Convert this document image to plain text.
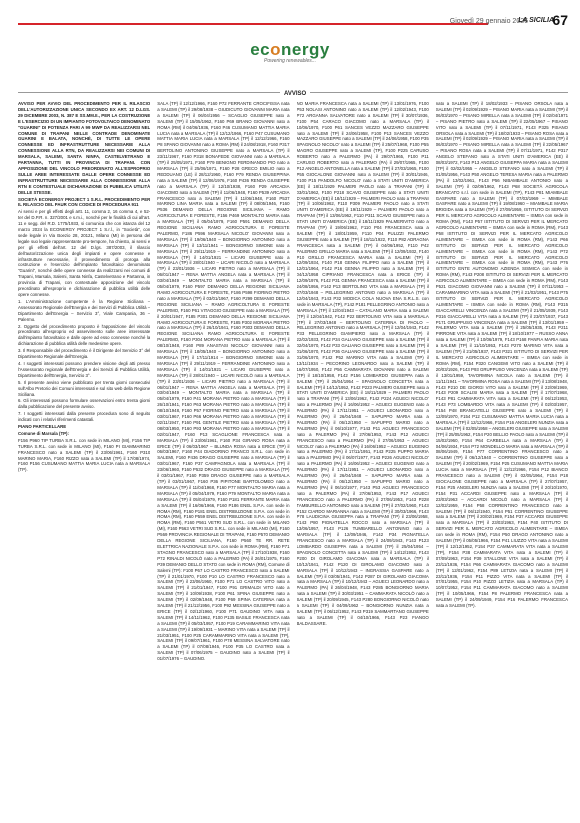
Giovedì 29 gennaio 2026
LA SICILIA
67
econergy
Powering renewables...
AVVISO

AVVISO PER AVVIO DEL PROCEDIMENTO PER IL RILASCIO DELL'AUTORIZZAZIONE UNICA SECONDO EX ART. 12 D.LGS. 29 DICEMBRE 2003, N. 387 E SS.MM.II., PER LA COSTRUZIONE E L'ESERCIZIO DI UN IMPIANTO FOTOVOLTAICO DENOMINATO "GUARINI" DI POTENZA PARI A 99 MWP DA REALIZZARSI NEL COMUNE DI TRAPANI NELLE CONTRADE DENOMINATE GUARINI E BALATA, NONCHÉ, DI TUTTE LE OPERE CONNESSE ED INFRASTRUTTURE NECESSARIE ALLA CONNESSIONE ALLA RTN, DA REALIZZARSI NEI COMUNI DI MARSALA, SALEMI, SANTA NINFA, CASTELVETRANO E PARTANNA, TUTTI IN PROVINCIA DI TRAPANI. CON APPOSIZIONE DEL VINCOLO PREORDINATO ALL'ESPROPRIO SULLE AREE INTERESSATE DALLE OPERE CONNESSE ED INFRASTRUTTURE NECESSARIE ALLA CONNESSIONE ALLA RTN E CONTESTUALE DICHIARAZIONE DI PUBBLICA UTILITÀ DELLE STESSE.

SOCIETÀ ECONERGY PROJECT 1 S.R.L. PROCEDIMENTO PER IL RILASCIO DEL PAUR CON CODICE DI PROCEDURA 911

Ai sensi e per gli effetti degli artt. 11, comma 2, 16 comma 4, e 52-ter del D.P.R. n. 327/2001 e s.m.i., nonché per le finalità di cui all'art. 11 e segg. del R.D. 1775/1933, si comunica che con istanza del 12 marzo 2024 la ECONERGY PROJECT 1 S.r.l., in "Società", con sede legale in Via Boezio 28, 20121, Milano (MI) in persona del legale suo legale rappresentante pro-tempore, ha chiesto, ai sensi e per gli effetti dell'art. 12 del D.lgs. 387/2003, il rilascio dell'autorizzazione unica degli impianti e opere connesse e infrastrutture necessarie, il provvedimento di proroga alla costruzione e l'esercizio dell'impianto fotovoltaico denominato "Guarini", nonché delle opere connesse da realizzarsi nei comuni di Trapani, Marsala, Salemi, Santa Ninfa, Castelvetrano e Partanna, in provincia di Trapani, con contestuale apposizione del vincolo preordinato all'esproprio e dichiarazione di pubblica utilità delle opere connesse.

1. L'Amministrazione competente è la Regione Siciliana – Assessorato Regionale dell'Energia e dei Servizi di Pubblica Utilità – Dipartimento dell'Energia – Servizio 3°, Viale Campania, 36 – Palermo.

2. Oggetto del procedimento proposto è l'apposizione del vincolo preordinato all'esproprio ed asservimento sulle aree interessate dall'impianto fotovoltaico e dalle opere ad esso connesse nonché la dichiarazione di pubblica utilità delle medesime opere.

3. Il Responsabile del procedimento è il Dirigente del Servizio 3° del Dipartimento Regionale dell'Energia.

4. I soggetti interessati possono prendere visione degli atti presso l'Assessorato regionale dell'Energia e dei Servizi di Pubblica Utilità, Dipartimento dell'Energia, Servizio 3°.

5. Il presente avviso viene pubblicato per trenta giorni consecutivi sull'Albo Pretorio dei Comuni interessati e sul sito web della Regione Siciliana.

6. Gli interessati possono formulare osservazioni entro trenta giorni dalla pubblicazione del presente avviso.

7. I soggetti interessati dalla presente procedura sono di seguito indicati con i relativi riferimenti catastali.

PIANO PARTICELLARE

Comune di Marsala (TP):

F156 P960 TIP TURBA S.R.L. con sede in MILANO (MI), F156 TIP TURBA S.R.L. con sede in MILANO (MI), F160 PI GIAMMARINO FRANCESCO nato a SALEMI (TP) il 23/06/1961, F160 P310 MARINO MARIA, F160 RIZZO nata a SALEMI (TP) il 17/08/1974, F160 P156 CUSUMANO MATTIA MARIA LUCIA nata a MARSALA (TP).

SALA (TP) il 12/12/1966, F160 P72 FERRANTE CROCIFISSA nata a SALEMI (TP) il 29/08/1938 – GIUDICUTO GIOVANNI MARIA nata a SALEMI (TP) il 06/04/1956 – SCAGLIO GIUSEPPE nato a SALEMI (TP) il 15/05/1962, F160 P69 BRANO GIOVANNI nato a ROMA (RM) il 04/06/1936, F160 P46 CUSUMANO MATTIA MARIA LUCIA nata a MARSALA (TP) il 12/12/1966, F160 P47 CUSUMANO MATTIA MARIA LUCIA nata a MARSALA (TP) il 12/12/1966, F160 P8 SPANO GIOVANNI nato a ROMA (RM) il 24/08/1918, F160 P317 BERTOLINO ANTONINO GIUSEPPE nato a MARSALA (TP) il 23/11/1967, F160 P318 BONAFEDE GIOVANNI nato a MARSALA (TP) il 25/05/1971, F160 P79 BENIGNO FERDINANDO PIO nato a MARSALA (TP) il 25/06/1971, F160 P28 GRECO EMILIO nato a REDDUANO (LE) il 28/12/1960, F160 P79 RENDA GIUSEPPINA nata a SALEMI (TP) il 12/06/1976, F160 P436 RENDA GIUSEPPE nato a MARSALA (TP) il 12/10/1938, F160 P29 ARCADIA GIACOMO nato a SALEMI (TP) il 11/06/1948, F160 P539 ARCADIA FRANCESCO nato a SALEMI (TP) il 11/06/1948, F160 P537 MARINO LINA MARIA nata a SALEMI (TP) il 08/05/1946, F160 P536 DEMANIO DELLA REGIONE SICILIANA – RAMO AGRICOLTURA E FORESTE, F156 P469 MONTALTO MARIA nata a MARSALA (TP) il 05/04/1979, F160 P591 DEMANIO DELLA REGIONE SICILIANA RAMO AGRICOLTURA E FORESTE PALERMO, F186 P596 MARSALA NICOLO' GIOVANNI nato a MARSALA (TP) il 19/06/1940 – BONGIORNO ANTONINO nato a MARSALA (TP) il 13/11/1941 – BONGIORNO SIMONE nato a MARSALA (TP) il 29/11/1919 – FERRANDINE ANTONINO nato a MARSALA (TP) il 14/01/1921 – LICARI GIUSEPPE nato a MARSALA (TP) il 28/01/1940 – LICARI NICOLÒ nato a MARSALA (TP) il 23/01/1936 – LICARI PIETRO nato a MARSALA (TP) il 06/01/1947 – RENA MATTIA ANGELA nata a MARSALA (TP) il 03/04/1949 – MONTALTO MARIA nata a MARSALA (TP) il 05/04/1979, F160 P597 DEMANIO DELLA REGIONE SICILIANA RAMO AGRICOLTURA E FORESTE, F186 P598 FIORINO PIETRO nato a MARSALA (TP) il 03/01/1967, F160 P299 DEMANIO DELLA REGIONE SICILIANA – RAMO AGRICOLTURA E FORESTE PALERMO, F160 P61 VITAGGIO GIUSEPPE nato a MARSALA (TP) il 20/01/1947, F185 P301 DEMANIO DELLA REGIONE SICILIANA RAMO AGRICOLTURA E FORESTE, F185 P302 MORANA PIETRO nato a MARSALA (TP) il 26/10/1941, F160 P303 DEMANIO DELLA REGIONE SICILIANA RAMO AGRICOLTURA E FORESTE PALERMO, F160 P304 MORANA PIETRO nato a MARSALA (TP) il 08/10/1948, F160 P89 ANASTASI NICOLO' GIOVANNI nato a MARSALA (TP) il 18/05/1940 – BONGIORNO ANTONINO nato a MARSALA (TP) il 17/11/1914 – BONGIORNO SIMONE nato a MARSALA (TP) il 29/11/1919 – FERRANDINE ANTONINO nato a MARSALA (TP) il 14/01/1921 – LICARI GIUSEPPE nato a MARSALA (TP) il 28/01/1940 – LICARI NICOLÒ nato a MARSALA (TP) il 23/01/1936 – LICARI PIETRO nato a MARSALA (TP) il 06/01/1947 – RENA MATTIA ANGELA nata a MARSALA (TP) il 03/04/1949 – MONTALTO MARIA nata a MARSALA (TP) il 05/04/1979, F160 P41 MORANA PIETRO nato a MARSALA (TP) il 26/10/1941, F160 P63 MORANA PIETRO nato a MARSALA (TP) il 08/10/1948, F160 P57 FIORINO PIETRO nato a MARSALA (TP) il 03/01/1967, F160 P66 MORANA PIETRO nato a MARSALA (TP) il 02/11/1947, F160 P91 GENTILE PIETRO nato a MARSALA (TP) il 08/03/1950, F160 P93 MORANA PIETRO nato a MARSALA (TP) il 02/01/1947, F160 P13 SCAGLIONE FRANCESCA nata a MARSALA (TP) il 23/06/1961, F160 P34 GIRANO ROSA nata a ERICE (TP) il 06/03/1967 – BLUNDA ROSA nata a ERICE (TP) il 06/03/1967, F160 P44 DIADORINO FRANCO S.R.L. con sede in SALEMI, F160 P436 DRAGO GIUSEPPE nato a MARSALA (TP) il 03/01/1967, F160 P37 CAMPAGNOLA nata a MARSALA (TP) il 23/06/1960, F160 P532 DRAGO GIUSEPPE nato a MARSALA (TP) il 03/01/1967, F160 P359 DRAGO GIUSEPPE nato a MARSALA (TP) il 03/01/1967, F160 P36 PIPITONE BARTOLOMEO nato a MARSALA (TP) il 11/04/1968, F160 P77 MONTALTO MARIA nata a MARSALA (TP) il 05/04/1979, F160 P79 MONTALTO MARIA nata a MARSALA (TP) il 05/04/1979, F160 P181 FERRANTE MARIA nata a SALEMI (TP) il 16/06/1966, F160 P186 ENEL S.P.A. con sede in ROMA (RM), F160 P181 ENEL DISTRIBUZIONE S.P.A. con sede in ROMA (RM), F160 P559 ENEL DISTRIBUZIONE S.P.A. con sede in ROMA (RM), F160 P561 VETRI SUD S.R.L. con sede in MILANO (MI), F160 P563 VETRI SUD S.R.L. con sede in MILANO (MI), F160 P569 PROVINCIA REGIONALE DI TRAPANI, F160 P570 DEMANIO DELLA REGIONE SICILIANA, F160 P560 TE RR. RETE ELETTRICA NAZIONALE S.P.A. con sede in ROMA (RM), F160 P71 STAGNO FRANCESCO nato a MARSALA (TP) il 17/10/1938, F160 P72 RINALDI NICOLÒ nato a PALERMO (PA) il 26/01/1975, F160 P39 DEMANIO DELLO STATO con sede in ROMA (RM), Comune di Salemi (TP): F100 P67 LO CASTRO FRANCESCO nato a SALEMI (TP) il 21/01/1970, F100 P10 LO CASTRO FRANCESCO nato a SALEMI (TP) il 23/06/1960, F100 P71 LO CASTRO VITO nato a SALEMI (TP) il 21/01/1947, F100 P91 GRIMALDI VITO nato a SALEMI (TP) il 10/09/1938, F100 P61 SPINA GIUSEPPE nato a SALEMI (TP) il 02/09/1948, F100 P69 SPINA CATERINA nata a SALEMI (TP) il 21/12/1956, F100 P92 MESSINA GIUSEPPE nato a ERICE (TP) il 02/12/1960, F100 P71 GAUDINO VITA nata a SALEMI (TP) il 14/11/1962, F100 P135 BASILE FRANCESCA nata a SALEMI (TP) il 05/03/1957, F100 P19 CARAMMARINO VITA nata a SALEMI (TP) il 19/09/1931 – MARINO VITA nata a SALEMI (TP) il 21/03/1951, F100 P25 CARAMMARINO VITA nata a SALEMI (TP), SALEMI (TP) il 09/07/1961, F100 P78 MESSINA SALVATORE nato a SALEMI (TP) il 07/08/1946, F100 P35 LO CASTRO nata a SALEMI (TP) il 07/06/1975 – GAUDINO nato a SALEMI (TP) il 01/07/1976 – GAUDINO.

NO MARIA FRANCESCA nata a SALEMI (TP) il 13/01/1976, F100 P53 NOLASI ANTONINO nato a SALEMI (TP) il 12/02/1943, F100 P72 ARGANNA SALVATORE nato a SALEMI (TP) il 30/07/1936, F100 P54 CARACO GIACOMO nato a MARSALA (TP) il 10/06/1970, F100 P61 SANCES VEZZO MAZZARO GIUSEPPE nato a SALEMI (TP) il 24/06/1958, F100 P13 SANCES VEZZO MAZZARO GIUSEPPE nato a SALEMI (TP) il 24/06/1958, F100 P35 SPAGNOLO NICOLO' nato a SALEMI (TP) il 25/07/1968, F100 P55 MAGRO GIUSEPPE nato a SALEMI (TP), F100 P225 CARUSO ROBERTO nato a PALERMO (PA) il 29/07/1965, F100 P11 CARUSO ROBERTO nato a PALERMO (PA) il 29/07/1965, F100 P12 ANGELO ANTONELLA nata a SALEMI (TP) il 27/03/1965, F100 P55 GIOCALONE GIOVANNI nato a SALEMI (TP) il 30/01/1946, F100 P15 PANDOLFO NICOLO' nato a STATI UNITI D'AMERICA (EE) il 18/11/1929 PALMERI PAOLO nato a TRAPANI (TP) il 03/01/1962, F100 P218 SCAVO GIUSEPPE nato a STATI UNITI D'AMERICA (EE) il 18/11/1929 – PALMERI PAOLO nato a TRAPANI (TP) il 10/06/1962, F110 P309 PALMERI PAOLO nato a STATI UNITI D'AMERICA (EE) il 19/11/1929 – PALMERI PAOLO nato a TRAPANI (TP) il 13/06/1962, F110 P311 SCAVO GIUSEPPE nato a STATI UNITI D'AMERICA (EE) il 18/11/1929 PALMERIVITO nato a TRAPANI (TP) il 19/06/1962, F110 P04 FRANCESCA nata a SALEMI (TP) il 18/01/1959, F110 P04 PULIZZI PALERMO GIUSEPPE nato a SALEMI (TP) il 18/11/1922, F110 P82 ADRAGNA FRANCESCA nata a SALEMI (TP) il 04/06/1952, F110 P42 PALERMO GRILLO MARIA nata a SALEMI (TP) il 12/09/1932, F140 P10 GRILLO FRANCESCA MARIA nata a SALEMI (TP) il 12/09/1934, F140 P18 GENNA FILIPPO nato a SALEMI (TP) il 12/01/1964, F142 P16 GENNA FILIPPO nato a SALEMI (TP) il 04/12/1958 CIPRIANO FRANCESCA nata a ERICE (TP) il 12/09/1976, F142 P31 GENNA FRANCESCA nata a SALEMI (TP) il 24/08/1956, F142 P13 BERTOLINO VITA nata a MARSALA (TP) il 27/03/1948 – PELLEGRINO ANTONIO nato a MARSALA (TP) il 12/04/1943, F143 P32 MODICA COLA NUOVA ENA S.R.L.S. con sede in MARSALA (TP), F142 P181 PELLEGRINO ANTONIO nato a MARSALA (TP) il 12/04/1943 – CATALANO MARIA nata a SALEMI (TP) il 12/04/1942, F142 P22 BERTOLINO VITA nata a MARSALA (TP) il 27/03/1948 – BERTOLINO CATERINA DI PAOLO – PELLEGRINO ANTONIO nato a MARSALA (TP) il 12/04/1943, F142 P33 PELLEGRINO GIAMPIERO nato a MARSALA (TP) il 22/02/1933, F142 P34 GALIANO GIUSEPPE nato a SALEMI (TP) il 02/04/1970, F142 P33 GALIANO GIUSEPPE nato a SALEMI (TP) il 01/06/1970, F142 P36 GALIANO GIUSEPPE nato a SALEMI (TP) il 01/06/1970, F142 P52 MARINO VITA nata a SALEMI (TP) il 13/11/1934 – PECORINO LEONARDO nato a SALEMI (TP) il 16/07/1950, F142 P56 CAMMARATA GIOVANNI nato a SALEMI (TP) il 18/10/1958, F142 P156 LOMBARDO GIUSEPPA nata a SALEMI (TP) il 25/04/1954 – SPAGNOLO CONCETTA nata a SALEMI (TP) il 14/12/1952, F142 P223 PALMERI GIUSEPPE nato a STATI UNITI D'AMERICA (EE) il 18/11/1929 – PALMERI PAOLO nato a TRAPANI (TP) il 13/06/1962, F142 P224 AGUECI NICOLO' nato a PALERMO (PA) il 16/06/1952 – AGUECI EUGENIO nato a PALERMO (PA) il 17/11/1951 – AGUECI LEONARDO nato a PALERMO (PA) il 26/04/1948 – SAPUPPO MARIA nata a PALERMO (PA) il 06/12/1950 – SAPUPPO MARIO nato a PALERMO (PA) il 06/10/1977, F143 P11 AGUECI FRANCESCO nato a PALERMO (PA) il 27/06/1953, F143 P12 AGUECI FRANCESCO nato a PALERMO (PA) il 27/06/1953 – AGUECI NICOLO' nato a PALERMO (PA) il 16/06/1952 – AGUECI EUGENIO nato a PALERMO (PA) il 17/11/1951, F143 P225 PUPPO MARIA nata a PALERMO (PA) il 06/07/1977, F143 P226 AGUECI NICOLO' nato a PALERMO (PA) il 16/06/1952 – AGUECI EUGENIO nato a PALERMO (PA) il 17/11/1951 – AGUECI LEONARDO nato a PALERMO (PA) il 26/04/1948 – SAPUPPO MARIA nata a PALERMO (PA) il 06/12/1950 – SAPUPPO MARIO nato a PALERMO (PA) il 06/10/1977, F143 P53 AGUECI FRANCESCO nato a PALERMO (PA) il 27/06/1953, F143 P17 AGUECI FRANCESCO nato a PALERMO (PA) il 27/06/1953, F143 P228 TAMBURELLO ANTONINO nato a SALEMI (TP) il 27/02/1960, F143 P152 CIARDO MARIANNA nata a SALEMI (TP) il 30/03/1966, F143 P78 LAUDICINA GIUSEPPA nata a TRAPANI (TP) il 23/06/1958, F143 P80 PIGNATELLA ROCCO nato a MARSALA (TP) il 13/06/1957, F143 P126 TUMBARELLO ANTONINO nato a MARSALA (TP) il 12/09/1946, F142 P34 PIGNATELLA FRANCESCO nato a MARSALA (TP) il 24/09/1943, F143 P123 LOMBARDO GIUSEPPA nata a SALEMI (TP) il 25/04/1954 – SPAGNOLO CONCETTA nata a SALEMI (TP) il 14/12/1952, F143 P200 DI GIROLAMO GIACOMA nata a MARSALA (TP) il 10/12/1941, F142 P120 DI GIROLAMO GIACOMO nato a MARSALA (TP) il 10/12/1943 – INGRASSIA GASPARE nato a SALEMI (TP) il 03/05/1941, F142 P287 DI GIROLAMO GIACOMA nata a MARSALA (TP) il 10/12/1943 – AGUECI LEONARDO nato a PALERMO (PA) il 26/04/1948, F143 P285 BONGIORNO MARIA nata a SALEMI (TP) il 30/03/1951 – CAMMARATA NICOLÒ nato a SALEMI (TP) il 20/09/1945, F143 P280 BONGIORNO NICOLÒ nato a SALEMI (TP) il 04/09/1962 – BONGIORNO NUNZIA nata a SALEMI (TP) il 06/12/1952, F143 P319 SAMMARTANO GIUSEPPE nato a SALEMI (TP) il 04/10/1966, F143 P23 FIANGO BALDASSARE.

nato a SALEMI (TP) il 18/02/1933 – PISANO ORSOLA nata a SALEMI (TP) il 02/09/1929 – PISANO MARIA nata a SALEMI (TP) il 06/03/1970 – PISANO MIRELLA nata a SALEMI (TP) il 02/04/1971 – PISANO PIETRO nato a SALEMI (TP) il 22/05/1967 – PISANO VITO nato a SALEMI (TP) il 07/11/1971, F143 P325 PISANO ORSOLA nata a SALEMI (TP) il 18/02/1933 – PISANO ROSA nata a SALEMI (TP) il 02/09/1929 – PISANO MARIA nata a SALEMI (TP) il 06/03/1970 – PISANO MIRELLA nata a SALEMI (TP) il 22/05/1967 – PISANO ROSA nata a SALEMI (TP) il 07/11/1971, F142 P317 ANGELO STEFANO nato a STATI UNITI D'AMERICA (EE) il 08/03/1972, F143 P13 ANGELO GIUSEPPA MARIA nata a SALEMI (TP) il 02/02/1955 – ANGELO STEFANO nato a SALEMI (TP) il 01/05/1956, F143 P50 ANGELO TERESA MARIA nata a PALERMO (PA) il 13/02/1961, F143 P56 NIBAMBALE ANTONIO nato a SALEMI (TP) il 02/09/1962, F143 P68 SOCIETÀ AGRICOLA BRANCATO s.r.l. con sede in SALEMI (TP), F143 P81 MIAMBALE GASPARE nato a SALEMI (TP) il 07/03/1969 – MIMBALE GASPARE nato a SALEMI (TP) il 19/08/1960 – MIAMBALE MARIA BRIGIDA nata a SALEMI (TP) il 27/09/1959, ISTITUTO DI SERVIZI PER IL MERCATO AGRICOLO ALIMENTARE – ISMEA con sede in ROMA (RM), F143 P57 ISTITUTO DI SERVIZI PER IL MERCATO AGRICOLO ALIMENTARE – ISMEA con sede in ROMA (RM), F143 P58 ISTITUTO DI SERVIZI PER IL MERCATO AGRICOLO ALIMENTARE – ISMEA con sede in ROMA (RM), F143 P66 ISTITUTO DI SERVIZI PER IL MERCATO AGRICOLO ALIMENTARE – ISMEA con sede in ROMA (RM), F143 P72 ISTITUTO DI SERVIZI PER IL MERCATO AGRICOLO ALIMENTARE – ISMEA con sede in ROMA (RM), F143 P76 ISTITUTO ENTE AUTONOMO AZIENDA SISMICA con sede in ROMA (RM), F143 P208 ISTITUTO DI SERVIZI PER IL MERCATO AGRICOLO ALIMENTARE – ISMEA con sede in ROMA (RM), F143 P521 GIACOMO GIOVANNI nato a SALEMI (TP) il 07/11/1953 – CARAMMARINO VITA nata a SALEMI (TP) il 21/03/1951, F143 P75 ISTITUTO DI SERVIZI PER IL MERCATO AGRICOLO ALIMENTARE – ISMEA con sede in ROMA (RM), F143 P315 GIACCARELLI VINCENZA nata a SALEMI (TP) il 21/05/1939, F143 P316 GIACCARELLI VITA nata a SALEMI (TP) il 23/07/1937, F143 P171 GRUPPUSO VINCENZA nata a SALEMI (TP) il 13/01/1959 – PALERMO VITA nata a SALEMI (TP) il 25/05/1935, F143 P211 PIRRONE VITA nata a SALEMI (TP) il 18/10/1977 – RUSSO ANNA nata a SALEMI (TP) il 10/06/1979, F143 P168 PANFIA MARIA nata a SALEMI (TP) il 11/10/1953, F143 P270 MARINO VITA nata a SALEMI (TP) il 21/05/1937, F143 P321 ISTITUTO DI SERVIZI PER IL MERCATO AGRICOLO ALIMENTARE – ISMEA con sede in ROMA (RM), F154 P320 CANGEMI VITO nato a SALEMI (TP) il 20/03/1926, F143 P93 GRUPPUSO VINCENZA nata a SALEMI (TP) il 13/01/1959, TAVORMINA NICOLA nato a SALEMI (TP) il 11/11/1941 – TAVORMINA ROSA nata a SALEMI (TP) il 13/08/1948, F143 P210 DE GIORGI VITO nato a SALEMI (TP) il 22/09/1969, F143 P209 SCALISI MARIA nata a SALEMI (TP) il 17/07/1968, F143 P81 CAMMARATA VITA nata a SALEMI (TP) il 06/12/1953, F143 P73 LOMBARDO VITA nata a SALEMI (TP) il 02/03/1957, F154 P48 BRANCATELLI GIUSEPPE nato a SALEMI (TP) il 12/09/1970, F154 P12 CUSUMANO MATTIA MARIA LUCIA nata a MARSALA (TP) il 12/12/1966, F154 P16 ANGELERI NUNZIA nata a SALEMI (TP) il 02/05/1958 – ANGELERI GIUSEPPE nato a SALEMI (TP) il 25/05/1962, F154 P20 BELLIO PAOLO nato a SALEMI (TP) il 15/02/1960, F154 P64 CARBELLA nata a MARSALA (TP) il 04/06/1934, F154 P72 MONDELLO MARIA nata a MARSALA (TP) il 08/06/1949, F154 P77 CORRENTINO FRANCESCO nato a SALEMI (TP) il 06/12/1940 – CORRENTINO GIUSEPPE nato a SALEMI (TP) il 20/02/1969, F154 P25 CUSUMANO MATTIA MARIA LUCIA nata a MARSALA (TP) il 12/12/1966, F154 P12 BIANCO FRANCESCO nato a SALEMI (TP) il 02/05/1964, F154 P18 GIOCALONE GIUSEPPE nato a MARSALA (TP) il 27/07/1957, F154 P25 ANGELERI NUNZIA nata a SALEMI (TP) il 20/10/1970, F154 P31 ACCARDI GIUSEPPE nato a MARSALA (TP) il 23/03/1963 – ACCARDI NICOLÒ nato a MARSALA (TP) il 12/02/1959, F154 P58 CORRENTINO FRANCESCO nato a SALEMI (TP) il 06/12/1940, F154 P51 CORRENTINO GIUSEPPE nato a SALEMI (TP) il 20/02/1969, F154 P37 ACCARDI GIUSEPPE nato a MARSALA (TP) il 23/03/1963, F154 P40 ISTITUTO DI SERVIZI PER IL MERCATO AGRICOLO ALIMENTARE – ISMEA con sede in ROMA (RM), F154 P50 DRAGO ANTONINO nato a SALEMI (TP) il 05/05/1966, F154 P41 LIUZZO VITA nata a SALEMI (TP) il 12/12/1952, F154 P37 CAMMARATA VITA nata a SALEMI (TP), F154 P38 CAMMARATA VITA nata a SALEMI (TP) il 07/09/1963, F154 P39 STALLONE VITA nata a SALEMI (TP) il 23/11/1936, F154 P66 CAMMARATA GIACOMO nato a SALEMI (TP) il 12/01/1962, F154 P89 LETIZIA nata a SALEMI (TP) il 23/11/1936, F154 P11 PIZZO VITA nata a SALEMI (TP) il 07/01/1955, F154 P10 PIZZO LETIZIA nata a MARSALA (TP) il 10/07/1952, F154 P11 CAMMARATA GIACOMO nato a SALEMI (TP) il 10/05/1966, F154 P8 PALERMO FRANCESCA nata a SALEMI (TP) il 24/09/1949, F154 P16 PALERMO FRANCESCA nata a SALEMI (TP).
